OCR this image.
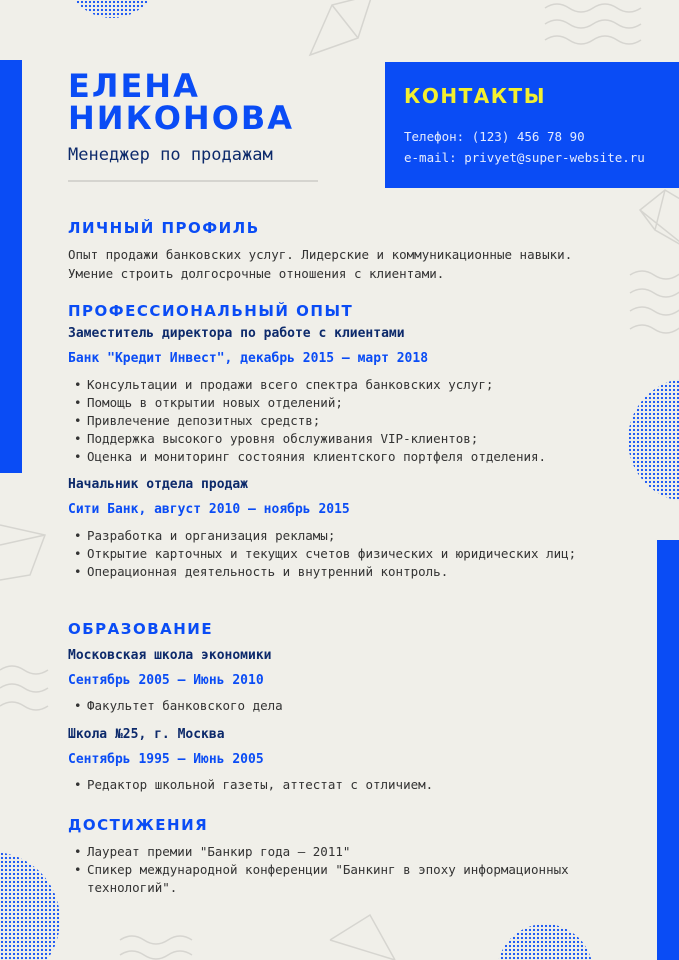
ЕЛЕНА
НИКОНОВА
Менеджер по продажам
КОНТАКТЫ
Телефон: (123) 456 78 90
e-mail: privyet@super-website.ru
ЛИЧНЫЙ ПРОФИЛЬ

Опыт продажи банковских услуг. Лидерские и коммуникационные навыки. Умение строить долгосрочные отношения с клиентами.

ПРОФЕССИОНАЛЬНЫЙ ОПЫТ
Заместитель директора по работе с клиентами

Банк "Кредит Инвест", декабрь 2015 – март 2018

• Консультации и продажи всего спектра банковских услуг;
• Помощь в открытии новых отделений;
• Привлечение депозитных средств;
• Поддержка высокого уровня обслуживания VIP-клиентов;
• Оценка и мониторинг состояния клиентского портфеля отделения.
Начальник отдела продаж

Сити Банк, август 2010 – ноябрь 2015

• Разработка и организация рекламы;
• Открытие карточных и текущих счетов физических и юридических лиц;
• Операционная деятельность и внутренний контроль.
ОБРАЗОВАНИЕ
Московская школа экономики

Сентябрь 2005 – Июнь 2010

• Факультет банковского дела
Школа №25, г. Москва

Сентябрь 1995 – Июнь 2005

• Редактор школьной газеты, аттестат с отличием.
ДОСТИЖЕНИЯ
• Лауреат премии "Банкир года – 2011"
• Спикер международной конференции "Банкинг в эпоху информационных технологий".
